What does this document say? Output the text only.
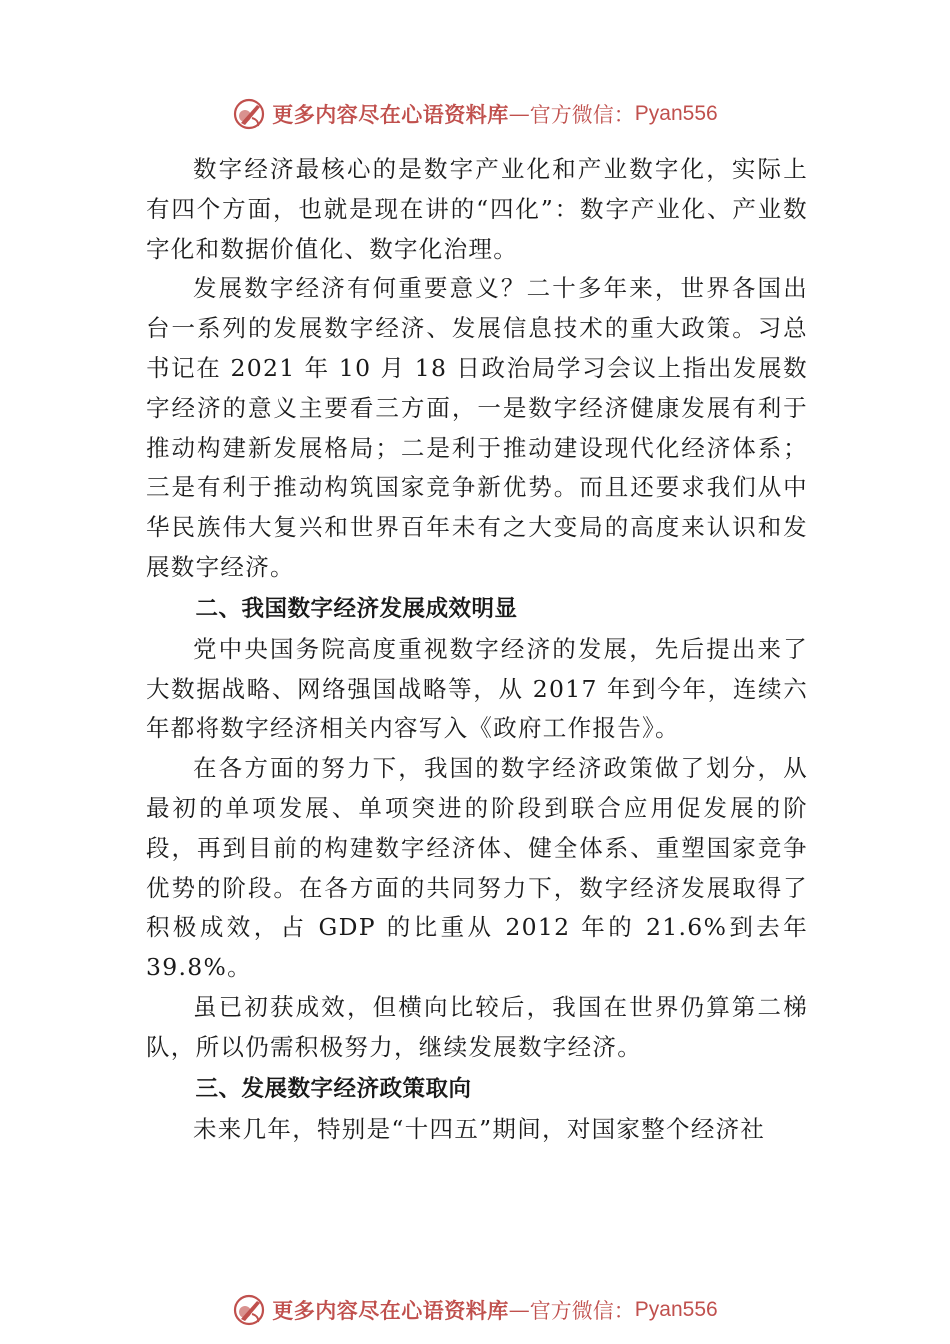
更多内容尽在心语资料库 — 官方微信： Pyan556

数字经济最核心的是数字产业化和产业数字化，实际上有四个方面，也就是现在讲的“四化”：数字产业化、产业数字化和数据价值化、数字化治理。

发展数字经济有何重要意义？二十多年来，世界各国出台一系列的发展数字经济、发展信息技术的重大政策。习总书记在 2021 年 10 月 18 日政治局学习会议上指出发展数字经济的意义主要看三方面，一是数字经济健康发展有利于推动构建新发展格局；二是利于推动建设现代化经济体系；三是有利于推动构筑国家竞争新优势。而且还要求我们从中华民族伟大复兴和世界百年未有之大变局的高度来认识和发展数字经济。

二、我国数字经济发展成效明显

党中央国务院高度重视数字经济的发展，先后提出来了大数据战略、网络强国战略等，从 2017 年到今年，连续六年都将数字经济相关内容写入《政府工作报告》。

在各方面的努力下，我国的数字经济政策做了划分，从最初的单项发展、单项突进的阶段到联合应用促发展的阶段，再到目前的构建数字经济体、健全体系、重塑国家竞争优势的阶段。在各方面的共同努力下，数字经济发展取得了积极成效，占 GDP 的比重从 2012 年的 21.6%到去年 39.8%。

虽已初获成效，但横向比较后，我国在世界仍算第二梯队，所以仍需积极努力，继续发展数字经济。

三、发展数字经济政策取向

未来几年，特别是“十四五”期间，对国家整个经济社

更多内容尽在心语资料库 — 官方微信： Pyan556
